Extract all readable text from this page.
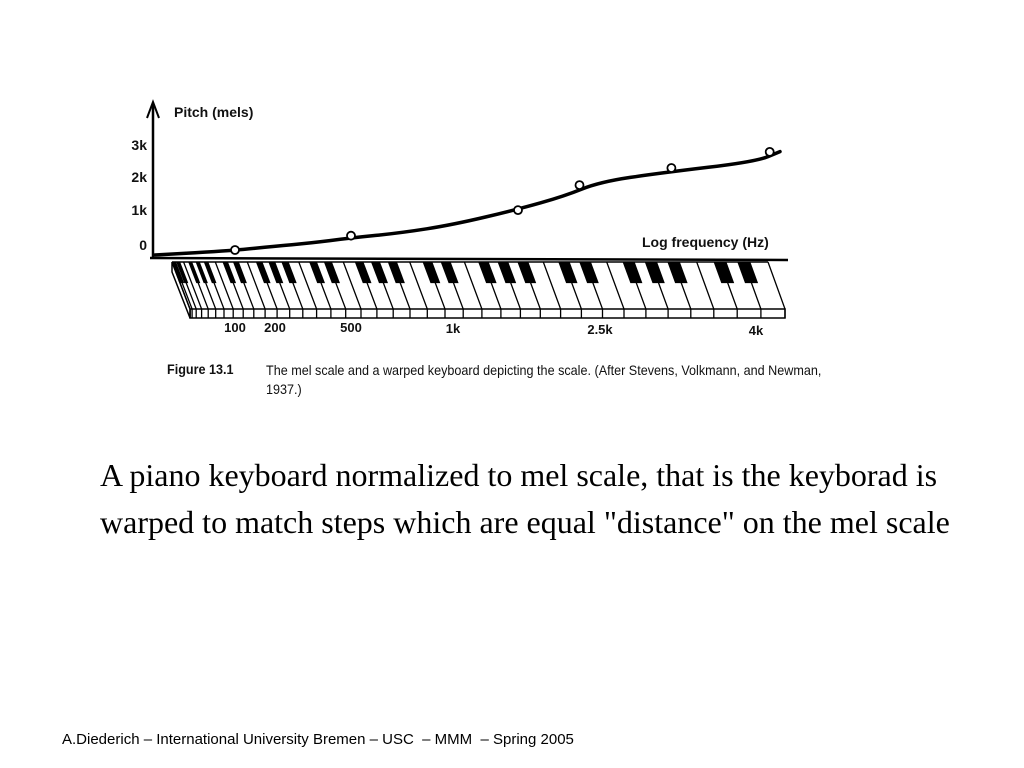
Pitch (mels)
Log frequency (Hz)
0
1k
2k
3k
100 200	500	1k	2.5k	4k
Figure 13.1 The mel scale and a warped keyboard depicting the scale. (After Stevens, Volkmann, and Newman, 1937.)
A piano keyboard normalized to mel scale, that is the keyborad is warped to match steps which are equal "distance" on the mel scale
A.Diederich – International University Bremen – USC  – MMM  – Spring 2005
